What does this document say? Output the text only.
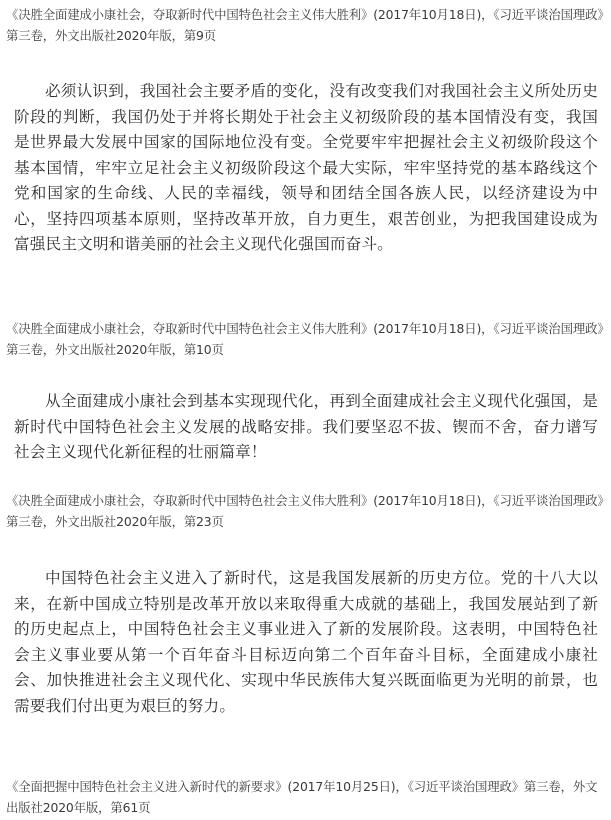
《决胜全面建成小康社会，夺取新时代中国特色社会主义伟大胜利》(2017年10月18日)，《习近平谈治国理政》第三卷，外文出版社2020年版，第9页

必须认识到，我国社会主要矛盾的变化，没有改变我们对我国社会主义所处历史阶段的判断，我国仍处于并将长期处于社会主义初级阶段的基本国情没有变，我国是世界最大发展中国家的国际地位没有变。全党要牢牢把握社会主义初级阶段这个基本国情，牢牢立足社会主义初级阶段这个最大实际，牢牢坚持党的基本路线这个党和国家的生命线、人民的幸福线，领导和团结全国各族人民，以经济建设为中心，坚持四项基本原则，坚持改革开放，自力更生，艰苦创业，为把我国建设成为富强民主文明和谐美丽的社会主义现代化强国而奋斗。

《决胜全面建成小康社会，夺取新时代中国特色社会主义伟大胜利》(2017年10月18日)，《习近平谈治国理政》第三卷，外文出版社2020年版，第10页

从全面建成小康社会到基本实现现代化，再到全面建成社会主义现代化强国，是新时代中国特色社会主义发展的战略安排。我们要坚忍不拔、锲而不舍，奋力谱写社会主义现代化新征程的壮丽篇章！

《决胜全面建成小康社会，夺取新时代中国特色社会主义伟大胜利》(2017年10月18日)，《习近平谈治国理政》第三卷，外文出版社2020年版，第23页

中国特色社会主义进入了新时代，这是我国发展新的历史方位。党的十八大以来，在新中国成立特别是改革开放以来取得重大成就的基础上，我国发展站到了新的历史起点上，中国特色社会主义事业进入了新的发展阶段。这表明，中国特色社会主义事业要从第一个百年奋斗目标迈向第二个百年奋斗目标，全面建成小康社会、加快推进社会主义现代化、实现中华民族伟大复兴既面临更为光明的前景，也需要我们付出更为艰巨的努力。

《全面把握中国特色社会主义进入新时代的新要求》(2017年10月25日)，《习近平谈治国理政》第三卷，外文出版社2020年版，第61页
